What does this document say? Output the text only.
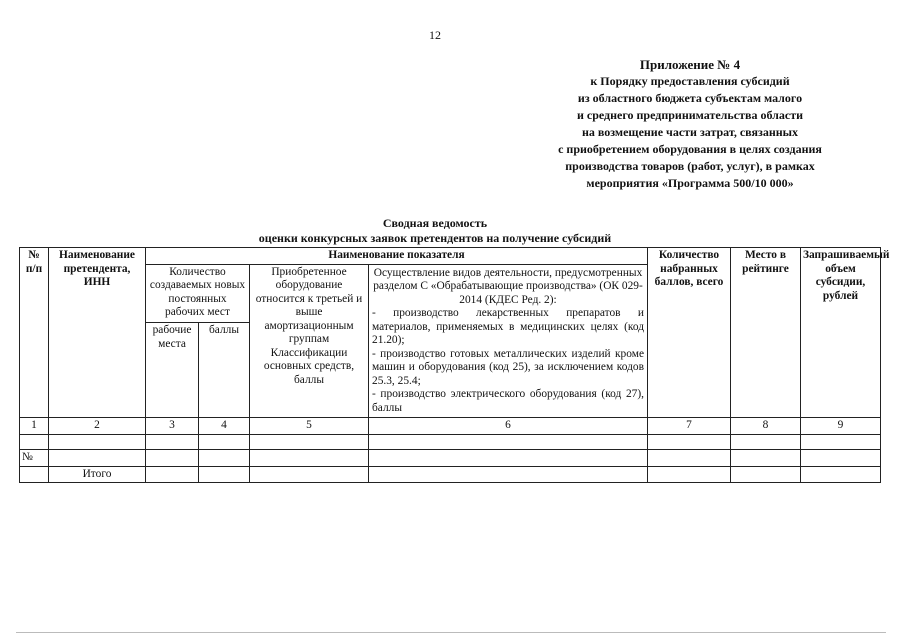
12
Приложение № 4
к Порядку предоставления субсидий
из областного бюджета субъектам малого
и среднего предпринимательства области
на возмещение части затрат, связанных
с приобретением оборудования в целях создания
производства товаров (работ, услуг), в рамках
мероприятия «Программа 500/10 000»
Сводная ведомость
оценки конкурсных заявок претендентов на получение субсидий
№ п/п	Наименование претендента, ИНН	Наименование показателя				Количество набранных баллов, всего	Место в рейтинге	Запрашиваемый объем субсидии, рублей
		Количество создаваемых новых постоянных рабочих мест		Приобретенное оборудование относится к третьей и выше амортизационным группам Классификации основных средств, баллы	Осуществление видов деятельности, предусмотренных разделом С «Обрабатывающие производства» (ОК 029-2014 (КДЕС Ред. 2):
- производство лекарственных препаратов и материалов, применяемых в медицинских целях (код 21.20);
- производство готовых металлических изделий кроме машин и оборудования (код 25), за исключением кодов 25.3, 25.4;
- производство электрического оборудования (код 27), баллы			

		рабочие места	баллы					
1	2	3	4	5	6	7	8	9

№								
	Итого							
